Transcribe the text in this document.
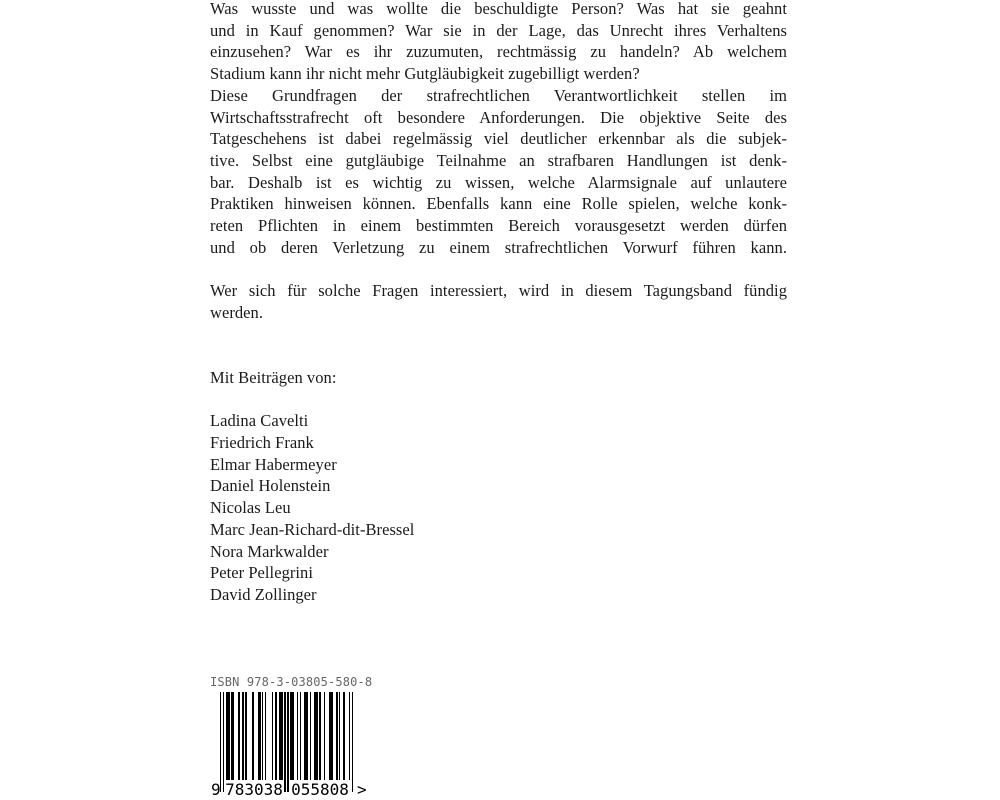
Was wusste und was wollte die beschuldigte Person? Was hat sie geahnt
und in Kauf genommen? War sie in der Lage, das Unrecht ihres Verhaltens
einzusehen? War es ihr zuzumuten, rechtmässig zu handeln? Ab welchem
Stadium kann ihr nicht mehr Gutgläubigkeit zugebilligt werden?
Diese Grundfragen der strafrechtlichen Verantwortlichkeit stellen im
Wirtschaftsstrafrecht oft besondere Anforderungen. Die objektive Seite des
Tatgeschehens ist dabei regelmässig viel deutlicher erkennbar als die subjek-
tive. Selbst eine gutgläubige Teilnahme an strafbaren Handlungen ist denk-
bar. Deshalb ist es wichtig zu wissen, welche Alarmsignale auf unlautere
Praktiken hinweisen können. Ebenfalls kann eine Rolle spielen, welche konk-
reten Pflichten in einem bestimmten Bereich vorausgesetzt werden dürfen
und ob deren Verletzung zu einem strafrechtlichen Vorwurf führen kann.
Wer sich für solche Fragen interessiert, wird in diesem Tagungsband fündig
werden.
Mit Beiträgen von:
Ladina Cavelti
Friedrich Frank
Elmar Habermeyer
Daniel Holenstein
Nicolas Leu
Marc Jean-Richard-dit-Bressel
Nora Markwalder
Peter Pellegrini
David Zollinger
ISBN 978-3-03805-580-8
9 783038 055808 >
